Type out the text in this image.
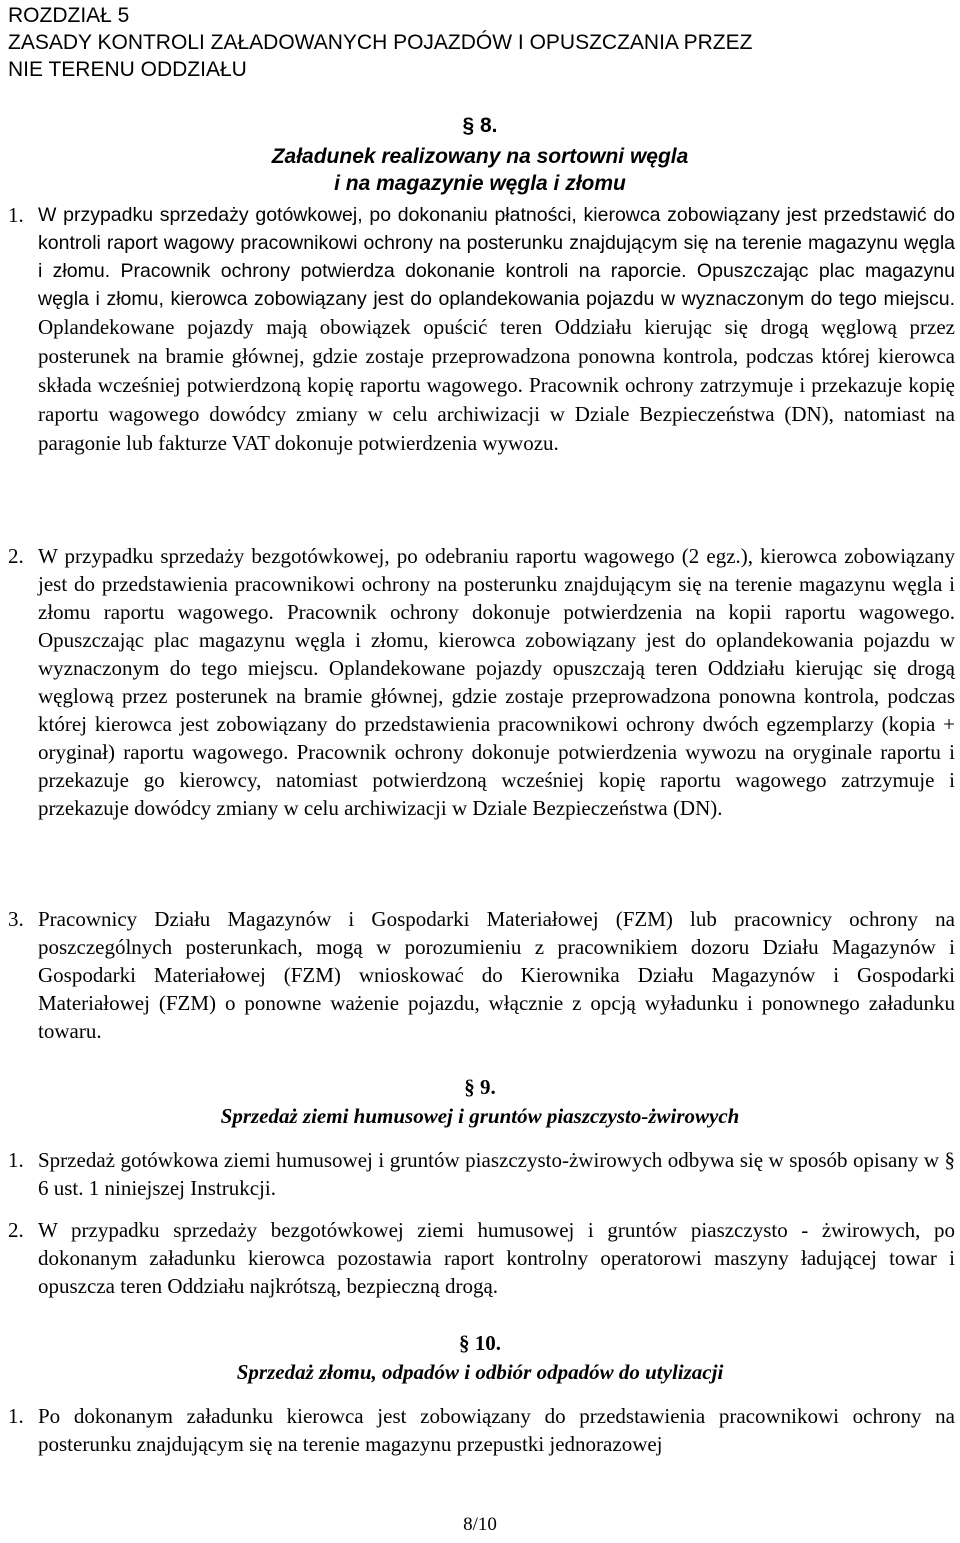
ROZDZIAŁ 5
ZASADY KONTROLI ZAŁADOWANYCH POJAZDÓW I OPUSZCZANIA PRZEZ
NIE TERENU ODDZIAŁU
§ 8.
Załadunek realizowany na sortowni węgla
i na magazynie węgla i złomu
1. W przypadku sprzedaży gotówkowej, po dokonaniu płatności, kierowca zobowiązany jest przedstawić do kontroli raport wagowy pracownikowi ochrony na posterunku znajdującym się na terenie magazynu węgla i złomu. Pracownik ochrony potwierdza dokonanie kontroli na raporcie. Opuszczając plac magazynu węgla i złomu, kierowca zobowiązany jest do oplandekowania pojazdu w wyznaczonym do tego miejscu. Oplandekowane pojazdy mają obowiązek opuścić teren Oddziału kierując się drogą węglową przez posterunek na bramie głównej, gdzie zostaje przeprowadzona ponowna kontrola, podczas której kierowca składa wcześniej potwierdzoną kopię raportu wagowego. Pracownik ochrony zatrzymuje i przekazuje kopię raportu wagowego dowódcy zmiany w celu archiwizacji w Dziale Bezpieczeństwa (DN), natomiast na paragonie lub fakturze VAT dokonuje potwierdzenia wywozu.
2. W przypadku sprzedaży bezgotówkowej, po odebraniu raportu wagowego (2 egz.), kierowca zobowiązany jest do przedstawienia pracownikowi ochrony na posterunku znajdującym się na terenie magazynu węgla i złomu raportu wagowego. Pracownik ochrony dokonuje potwierdzenia na kopii raportu wagowego. Opuszczając plac magazynu węgla i złomu, kierowca zobowiązany jest do oplandekowania pojazdu w wyznaczonym do tego miejscu. Oplandekowane pojazdy opuszczają teren Oddziału kierując się drogą węglową przez posterunek na bramie głównej, gdzie zostaje przeprowadzona ponowna kontrola, podczas której kierowca jest zobowiązany do przedstawienia pracownikowi ochrony dwóch egzemplarzy (kopia + oryginał) raportu wagowego. Pracownik ochrony dokonuje potwierdzenia wywozu na oryginale raportu i przekazuje go kierowcy, natomiast potwierdzoną wcześniej kopię raportu wagowego zatrzymuje i przekazuje dowódcy zmiany w celu archiwizacji w Dziale Bezpieczeństwa (DN).
3. Pracownicy Działu Magazynów i Gospodarki Materiałowej (FZM) lub pracownicy ochrony na poszczególnych posterunkach, mogą w porozumieniu z pracownikiem dozoru Działu Magazynów i Gospodarki Materiałowej (FZM) wnioskować do Kierownika Działu Magazynów i Gospodarki Materiałowej (FZM) o ponowne ważenie pojazdu, włącznie z opcją wyładunku i ponownego załadunku towaru.
§ 9.
Sprzedaż ziemi humusowej i gruntów piaszczysto-żwirowych
1. Sprzedaż gotówkowa ziemi humusowej i gruntów piaszczysto-żwirowych odbywa się w sposób opisany w § 6 ust. 1 niniejszej Instrukcji.
2. W przypadku sprzedaży bezgotówkowej ziemi humusowej i gruntów piaszczysto - żwirowych, po dokonanym załadunku kierowca pozostawia raport kontrolny operatorowi maszyny ładującej towar i opuszcza teren Oddziału najkrótszą, bezpieczną drogą.
§ 10.
Sprzedaż złomu, odpadów i odbiór odpadów do utylizacji
1. Po dokonanym załadunku kierowca jest zobowiązany do przedstawienia pracownikowi ochrony na posterunku znajdującym się na terenie magazynu przepustki jednorazowej
8/10
